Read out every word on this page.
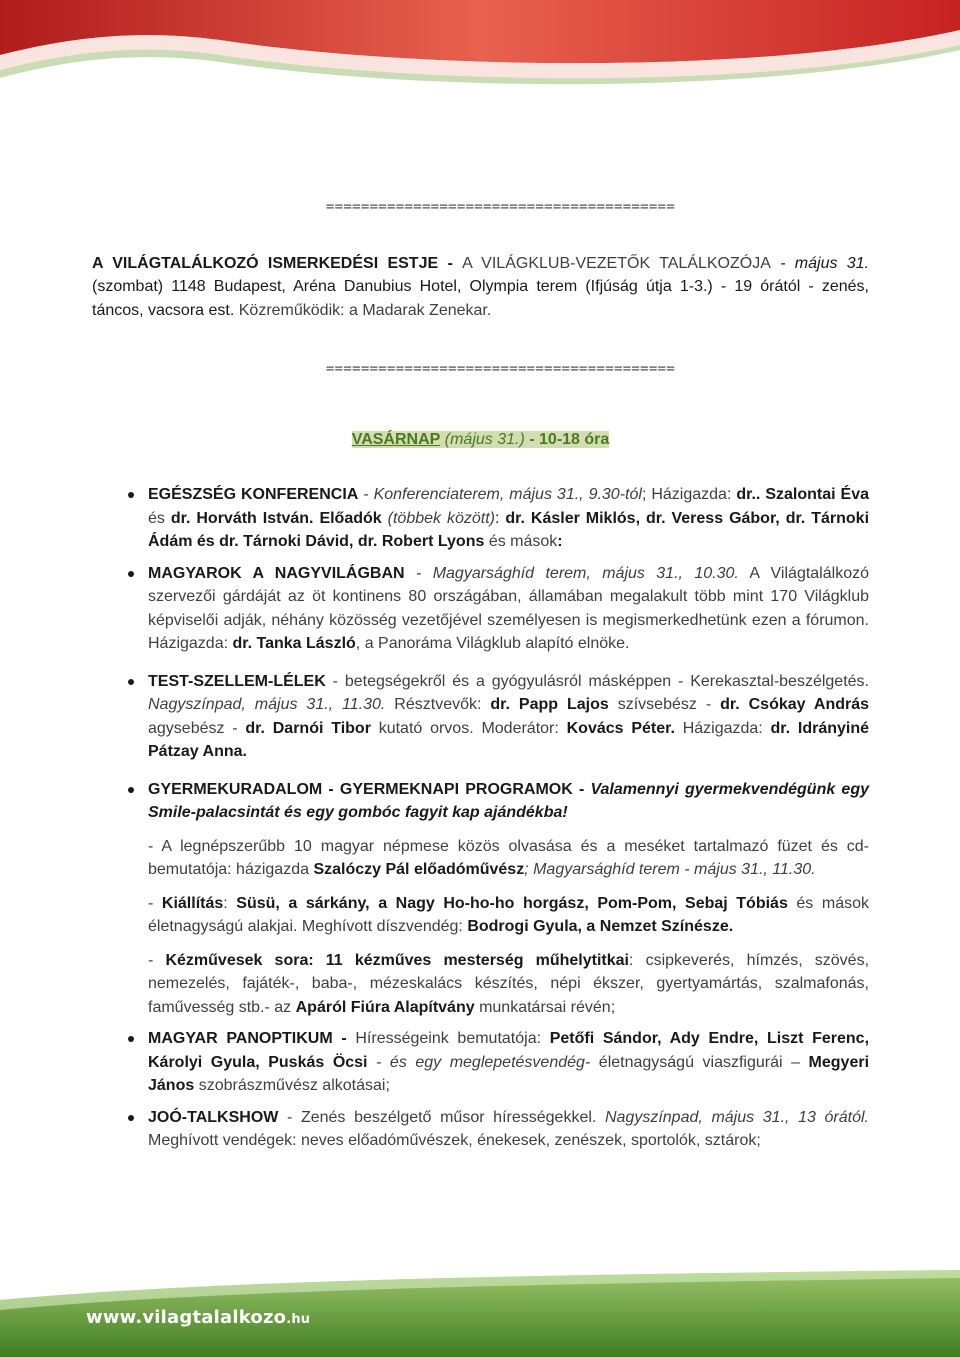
========================================

A VILÁGTALÁLKOZÓ ISMERKEDÉSI ESTJE - A VILÁGKLUB-VEZETŐK TALÁLKOZÓJA - május 31. (szombat) 1148 Budapest, Aréna Danubius Hotel, Olympia terem (Ifjúság útja 1-3.) - 19 órától - zenés, táncos, vacsora est. Közreműködik: a Madarak Zenekar.

========================================
VASÁRNAP (május 31.) - 10-18 óra
EGÉSZSÉG KONFERENCIA - Konferenciaterem, május 31., 9.30-tól; Házigazda: dr.. Szalontai Éva és dr. Horváth István. Előadók (többek között): dr. Kásler Miklós, dr. Veress Gábor, dr. Tárnoki Ádám és dr. Tárnoki Dávid, dr. Robert Lyons és mások:
MAGYAROK A NAGYVILÁGBAN - Magyarsághíd terem, május 31., 10.30. A Világtalálkozó szervezői gárdáját az öt kontinens 80 országában, államában megalakult több mint 170 Világklub képviselői adják, néhány közösség vezetőjével személyesen is megismerkedhetünk ezen a fórumon. Házigazda: dr. Tanka László, a Panoráma Világklub alapító elnöke.
TEST-SZELLEM-LÉLEK - betegségekről és a gyógyulásról másképpen - Kerekasztal-beszélgetés. Nagyszínpad, május 31., 11.30. Résztvevők: dr. Papp Lajos szívsebész - dr. Csókay András agysebész - dr. Darnói Tibor kutató orvos. Moderátor: Kovács Péter. Házigazda: dr. Idrányiné Pátzay Anna.
GYERMEKURADALOM - GYERMEKNAPI PROGRAMOK - Valamennyi gyermekvendégünk egy Smile-palacsintát és egy gombóc fagyit kap ajándékba!

- A legnépszerűbb 10 magyar népmese közös olvasása és a meséket tartalmazó füzet és cd-bemutatója: házigazda Szalóczy Pál előadóművész; Magyarsághíd terem - május 31., 11.30.

- Kiállítás: Süsü, a sárkány, a Nagy Ho-ho-ho horgász, Pom-Pom, Sebaj Tóbiás és mások életnagyságú alakjai. Meghívott díszvendég: Bodrogi Gyula, a Nemzet Színésze.

- Kézművesek sora: 11 kézműves mesterség műhelytitkai: csipkeverés, hímzés, szövés, nemezelés, fajáték-, baba-, mézeskalács készítés, népi ékszer, gyertyamártás, szalmafonás, faművesség stb.- az Apáról Fiúra Alapítvány munkatársai révén;

MAGYAR PANOPTIKUM - Hírességeink bemutatója: Petőfi Sándor, Ady Endre, Liszt Ferenc, Károlyi Gyula, Puskás Öcsi - és egy meglepetésvendég- életnagyságú viaszfigurái – Megyeri János szobrászművész alkotásai;
JOÓ-TALKSHOW - Zenés beszélgető műsor hírességekkel. Nagyszínpad, május 31., 13 órától. Meghívott vendégek: neves előadóművészek, énekesek, zenészek, sportolók, sztárok;
www.vilagtalalkozo.hu
